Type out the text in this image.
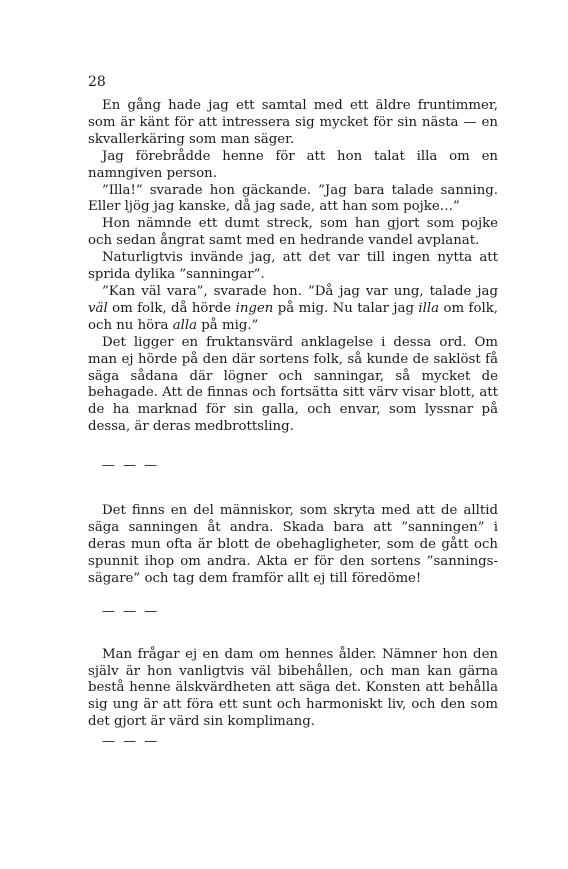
28

En gång hade jag ett samtal med ett äldre fruntimmer, som är känt för att intressera sig mycket för sin nästa — en skvallerkäring som man säger.

Jag förebrådde henne för att hon talat illa om en namngiven person.

”Illa!” svarade hon gäckande. ”Jag bara talade sanning. Eller ljög jag kanske, då jag sade, att han som pojke…”

Hon nämnde ett dumt streck, som han gjort som pojke och sedan ångrat samt med en hedrande vandel avplanat.

Naturligtvis invände jag, att det var till ingen nytta att sprida dylika ”sanningar”.

”Kan väl vara”, svarade hon. ”Då jag var ung, talade jag väl om folk, då hörde ingen på mig. Nu talar jag illa om folk, och nu höra alla på mig.”

Det ligger en fruktansvärd anklagelse i dessa ord. Om man ej hörde på den där sortens folk, så kunde de saklöst få säga sådana där lögner och sanningar, så mycket de behagade. Att de finnas och fortsätta sitt värv visar blott, att de ha marknad för sin galla, och envar, som lyssnar på dessa, är deras medbrottsling.

— — —

Det finns en del människor, som skryta med att de alltid säga sanningen åt andra. Skada bara att ”sanningen” i deras mun ofta är blott de obehagligheter, som de gått och spunnit ihop om andra. Akta er för den sortens ”sannings-sägare” och tag dem framför allt ej till föredöme!

— — —

Man frågar ej en dam om hennes ålder. Nämner hon den själv är hon vanligtvis väl bibehållen, och man kan gärna bestå henne älskvärdheten att säga det. Konsten att behålla sig ung är att föra ett sunt och harmoniskt liv, och den som det gjort är värd sin komplimang.

— — —
